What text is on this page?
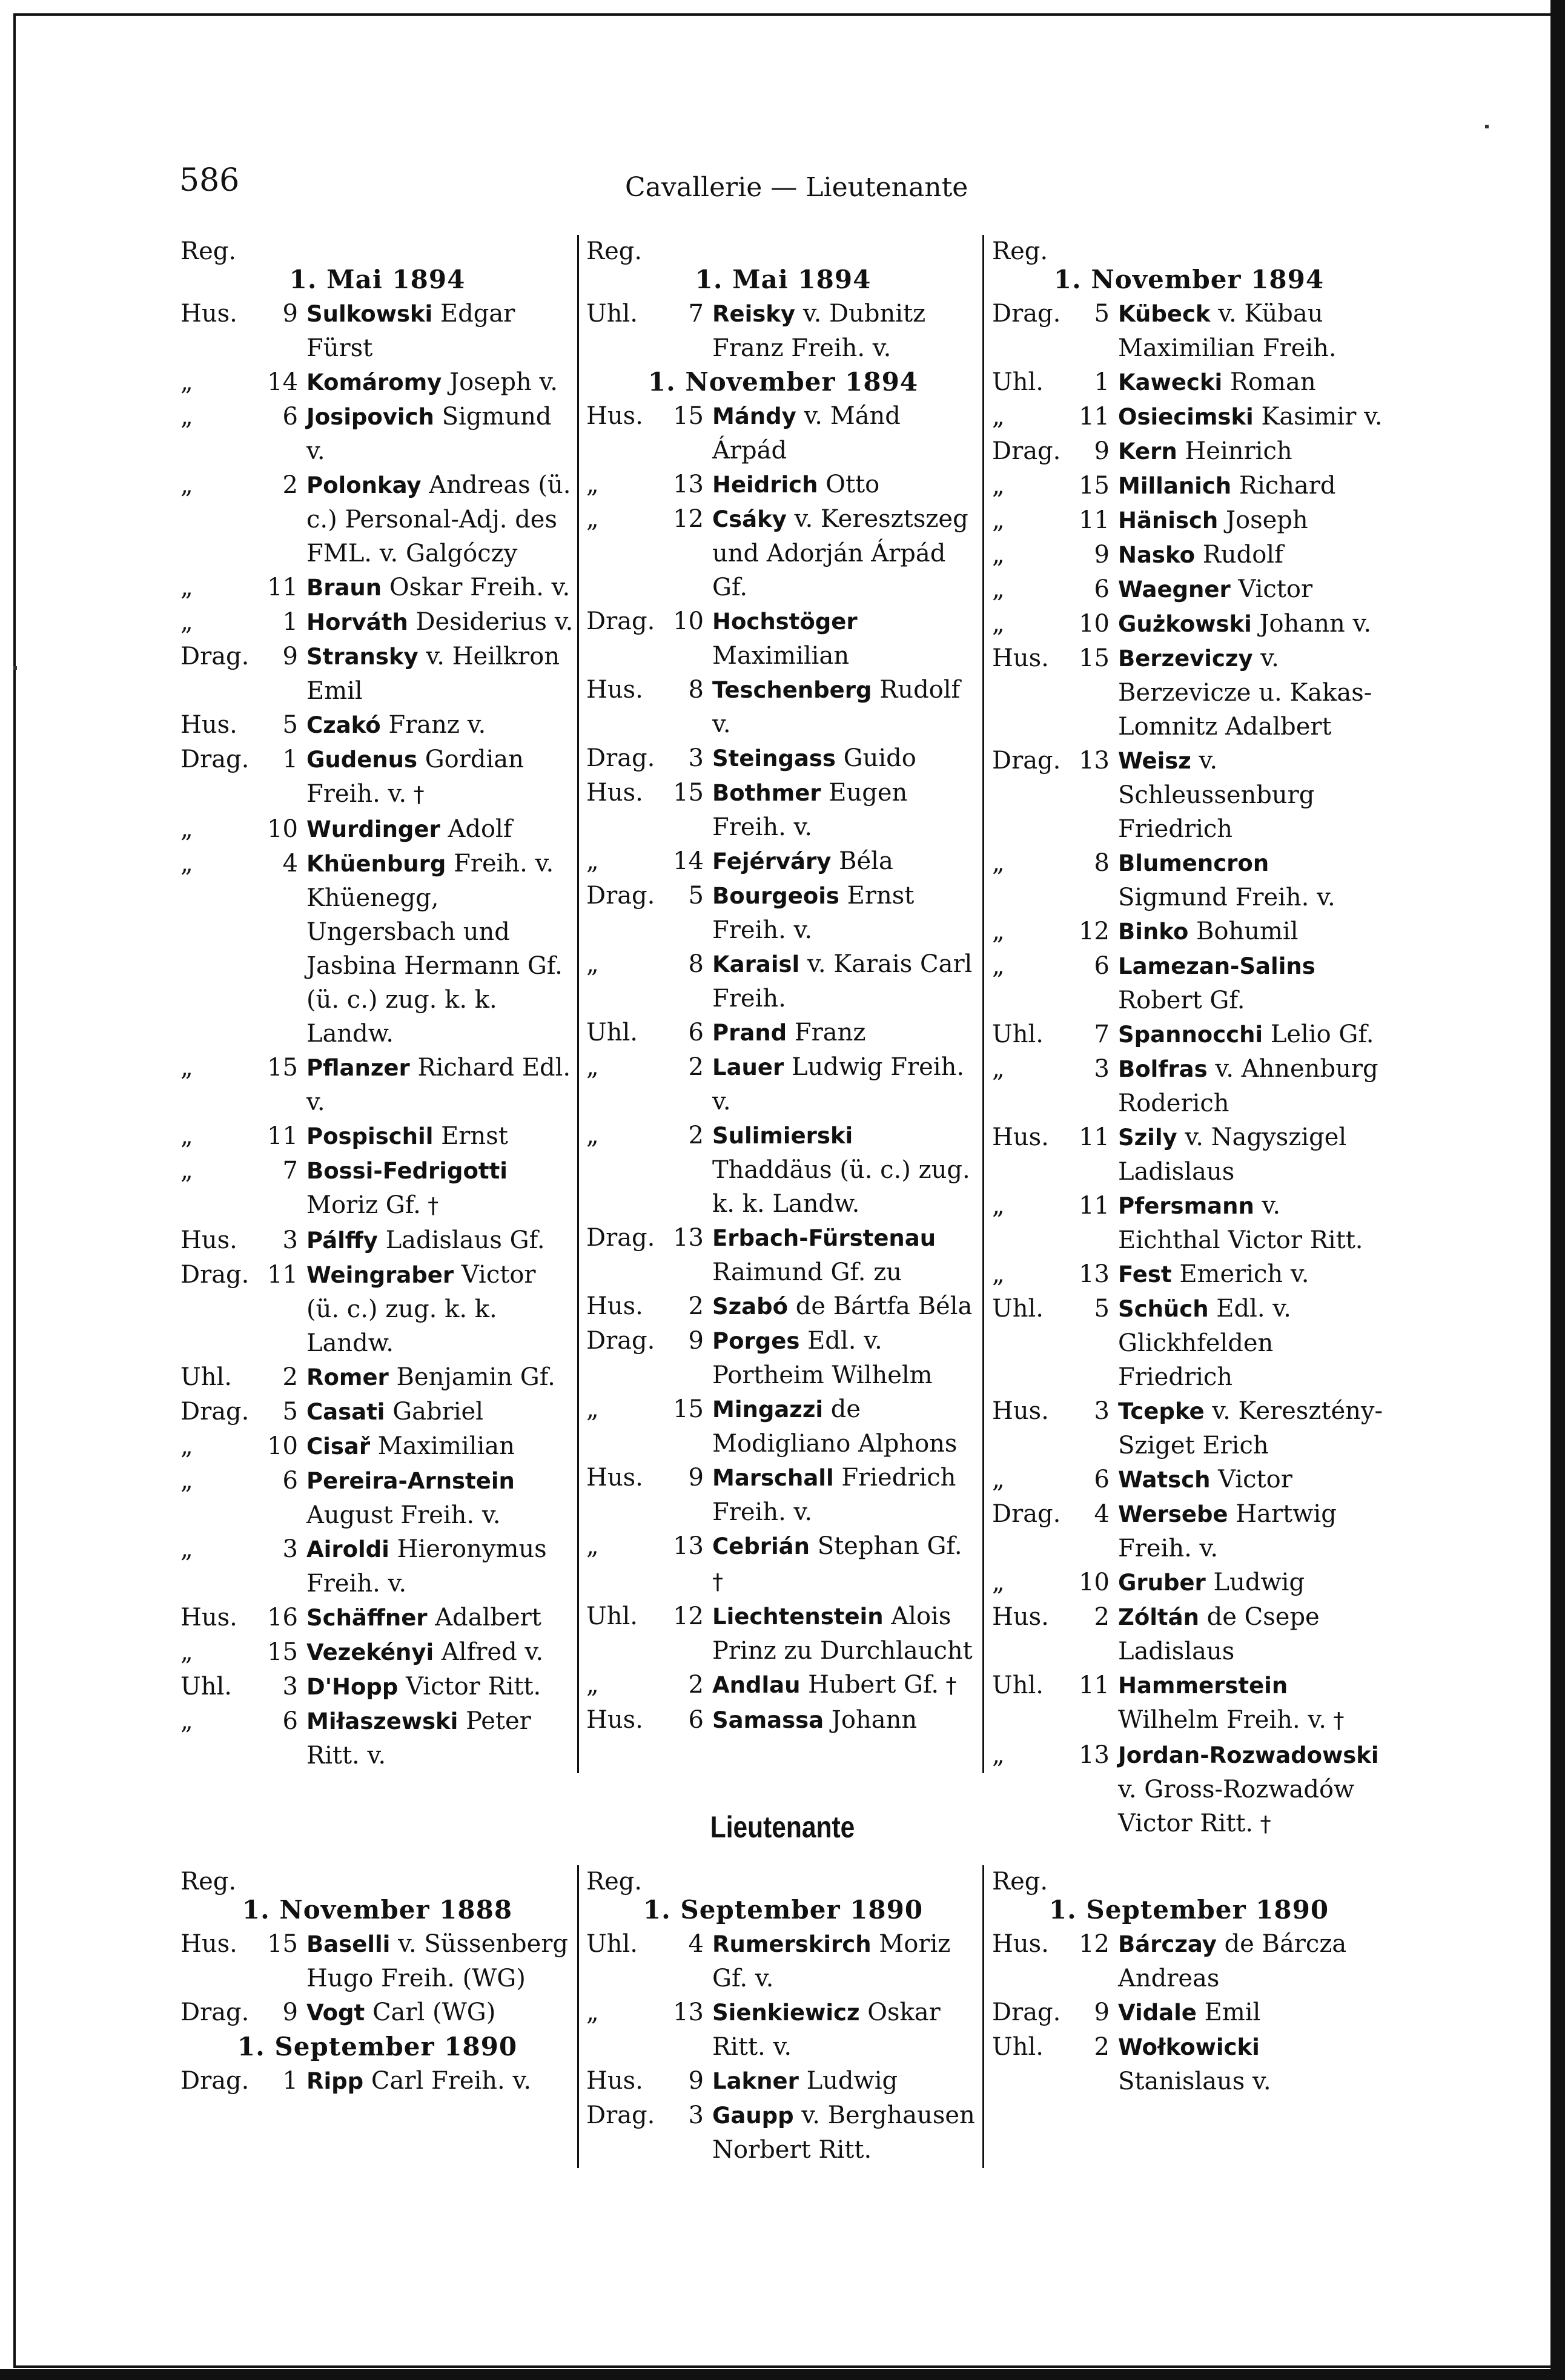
586	Cavallerie — Lieutenante
Reg.
1. Mai 1894
Hus.	9 Sulkowski Edgar Fürst
„	14 Komáromy Joseph v.
„	6 Josipovich Sigmund v.
„	2 Polonkay Andreas (ü. c.) Personal-Adj. des FML. v. Galgóczy
„	11 Braun Oskar Freih. v.
„	1 Horváth Desiderius v.
Drag.	9 Stransky v. Heilkron Emil
Hus.	5 Czakó Franz v.
Drag.	1 Gudenus Gordian Freih. v. †
„	10 Wurdinger Adolf
„	4 Khüenburg Freih. v. Khüenegg, Ungersbach und Jasbina Hermann Gf. (ü. c.) zug. k. k. Landw.
„	15 Pflanzer Richard Edl. v.
„	11 Pospischil Ernst
„	7 Bossi-Fedrigotti Moriz Gf. †
Hus.	3 Pálffy Ladislaus Gf.
Drag. 11 Weingraber Victor (ü. c.) zug. k. k. Landw.
Uhl.	2 Romer Benjamin Gf.
Drag.	5 Casati Gabriel
„	10 Cisař Maximilian
„	6 Pereira-Arnstein August Freih. v.
„	3 Airoldi Hieronymus Freih. v.
Hus.	16 Schäffner Adalbert
„	15 Vezekényi Alfred v.
Uhl.	3 D'Hopp Victor Ritt.
„	6 Miłaszewski Peter Ritt. v.
Reg.
1. Mai 1894
Uhl.	7 Reisky v. Dubnitz Franz Freih. v.
1. November 1894
Hus.	15 Mándy v. Mánd Árpád
„	13 Heidrich Otto
„	12 Csáky v. Keresztszeg und Adorján Árpád Gf.
Drag. 10 Hochstöger Maximilian
Hus.	8 Teschenberg Rudolf v.
Drag.	3 Steingass Guido
Hus.	15 Bothmer Eugen Freih. v.
„	14 Fejérváry Béla
Drag.	5 Bourgeois Ernst Freih. v.
„	8 Karaisl v. Karais Carl Freih.
Uhl.	6 Prand Franz
„	2 Lauer Ludwig Freih. v.
„	2 Sulimierski Thaddäus (ü. c.) zug. k. k. Landw.
Drag. 13 Erbach-Fürstenau Raimund Gf. zu
Hus.	2 Szabó de Bártfa Béla
Drag.	9 Porges Edl. v. Portheim Wilhelm
„	15 Mingazzi de Modigliano Alphons
Hus.	9 Marschall Friedrich Freih. v.
„	13 Cebrián Stephan Gf. †
Uhl.	12 Liechtenstein Alois Prinz zu Durchlaucht
„	2 Andlau Hubert Gf. †
Hus.	6 Samassa Johann
Reg.
1. November 1894
Drag.	5 Kübeck v. Kübau Maximilian Freih.
Uhl.	1 Kawecki Roman
„	11 Osiecimski Kasimir v.
Drag.	9 Kern Heinrich
„	15 Millanich Richard
„	11 Hänisch Joseph
„	9 Nasko Rudolf
„	6 Waegner Victor
„	10 Gużkowski Johann v.
Hus.	15 Berzeviczy v. Berzevicze u. Kakas-Lomnitz Adalbert
Drag. 13 Weisz v. Schleussenburg Friedrich
„	8 Blumencron Sigmund Freih. v.
„	12 Binko Bohumil
„	6 Lamezan-Salins Robert Gf.
Uhl.	7 Spannocchi Lelio Gf.
„	3 Bolfras v. Ahnenburg Roderich
Hus.	11 Szily v. Nagyszigel Ladislaus
„	11 Pfersmann v. Eichthal Victor Ritt.
„	13 Fest Emerich v.
Uhl.	5 Schüch Edl. v. Glickhfelden Friedrich
Hus.	3 Tcepke v. Keresztény-Sziget Erich
„	6 Watsch Victor
Drag.	4 Wersebe Hartwig Freih. v.
„	10 Gruber Ludwig
Hus.	2 Zóltán de Csepe Ladislaus
Uhl.	11 Hammerstein Wilhelm Freih. v. †
„	13 Jordan-Rozwadowski v. Gross-Rozwadów Victor Ritt. †
Lieutenante
Reg.
1. November 1888
Hus.	15 Baselli v. Süssenberg Hugo Freih. (WG)
Drag.	9 Vogt Carl (WG)
1. September 1890
Drag.	1 Ripp Carl Freih. v.
Reg.
1. September 1890
Uhl.	4 Rumerskirch Moriz Gf. v.
„	13 Sienkiewicz Oskar Ritt. v.
Hus.	9 Lakner Ludwig
Drag.	3 Gaupp v. Berghausen Norbert Ritt.
Reg.
1. September 1890
Hus.	12 Bárczay de Bárcza Andreas
Drag.	9 Vidale Emil
Uhl.	2 Wołkowicki Stanislaus v.
